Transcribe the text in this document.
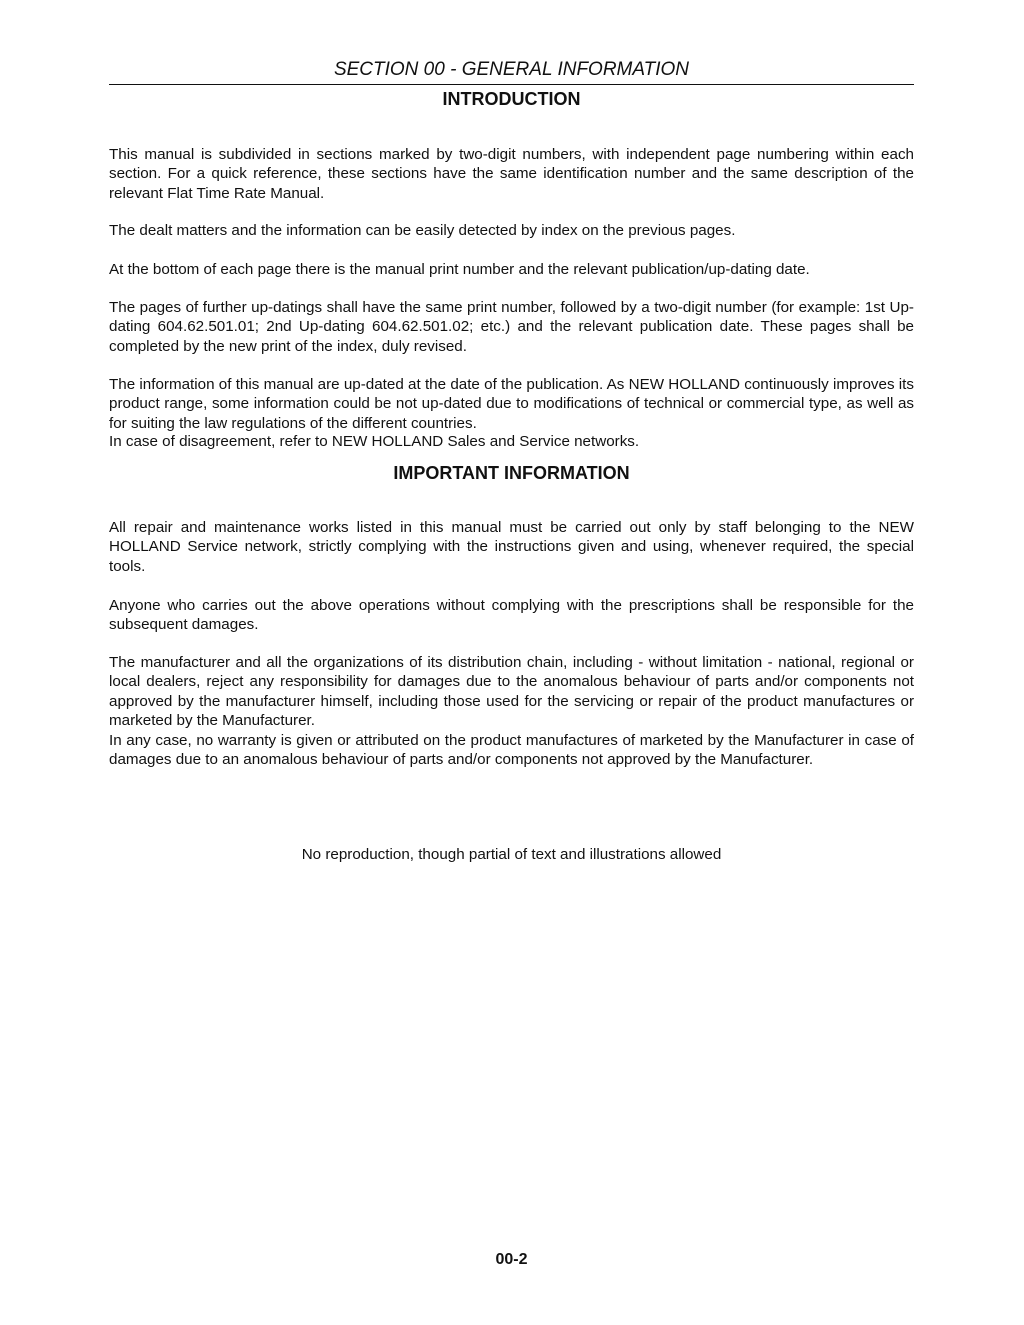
SECTION 00 - GENERAL INFORMATION
INTRODUCTION

This manual is subdivided in sections marked by two-digit numbers, with independent page numbering within each section. For a quick reference, these sections have the same identification number and the same description of the relevant Flat Time Rate Manual.

The dealt matters and the information can be easily detected by index on the previous pages.

At the bottom of each page there is the manual print number and the relevant publication/up-dating date.

The pages of further up-datings shall have the same print number, followed by a two-digit number (for example: 1st Up-dating 604.62.501.01; 2nd Up-dating 604.62.501.02; etc.) and the relevant publication date. These pages shall be completed by the new print of the index, duly revised.

The information of this manual are up-dated at the date of the publication. As NEW HOLLAND continuously improves its product range, some information could be not up-dated due to modifications of technical or commercial type, as well as for suiting the law regulations of the different countries.

In case of disagreement, refer to NEW HOLLAND Sales and Service networks.

IMPORTANT INFORMATION

All repair and maintenance works listed in this manual must be carried out only by staff belonging to the NEW HOLLAND Service network, strictly complying with the instructions given and using, whenever required, the special tools.

Anyone who carries out the above operations without complying with the prescriptions shall be responsible for the subsequent damages.

The manufacturer and all the organizations of its distribution chain, including - without limitation - national, regional or local dealers, reject any responsibility for damages due to the anomalous behaviour of parts and/or components not approved by the manufacturer himself, including those used for the servicing or repair of the product manufactures or marketed by the Manufacturer.

In any case, no warranty is given or attributed on the product manufactures of marketed by the Manufacturer in case of damages due to an anomalous behaviour of parts and/or components not approved by the Manufacturer.

No reproduction, though partial of text and illustrations allowed
00-2
